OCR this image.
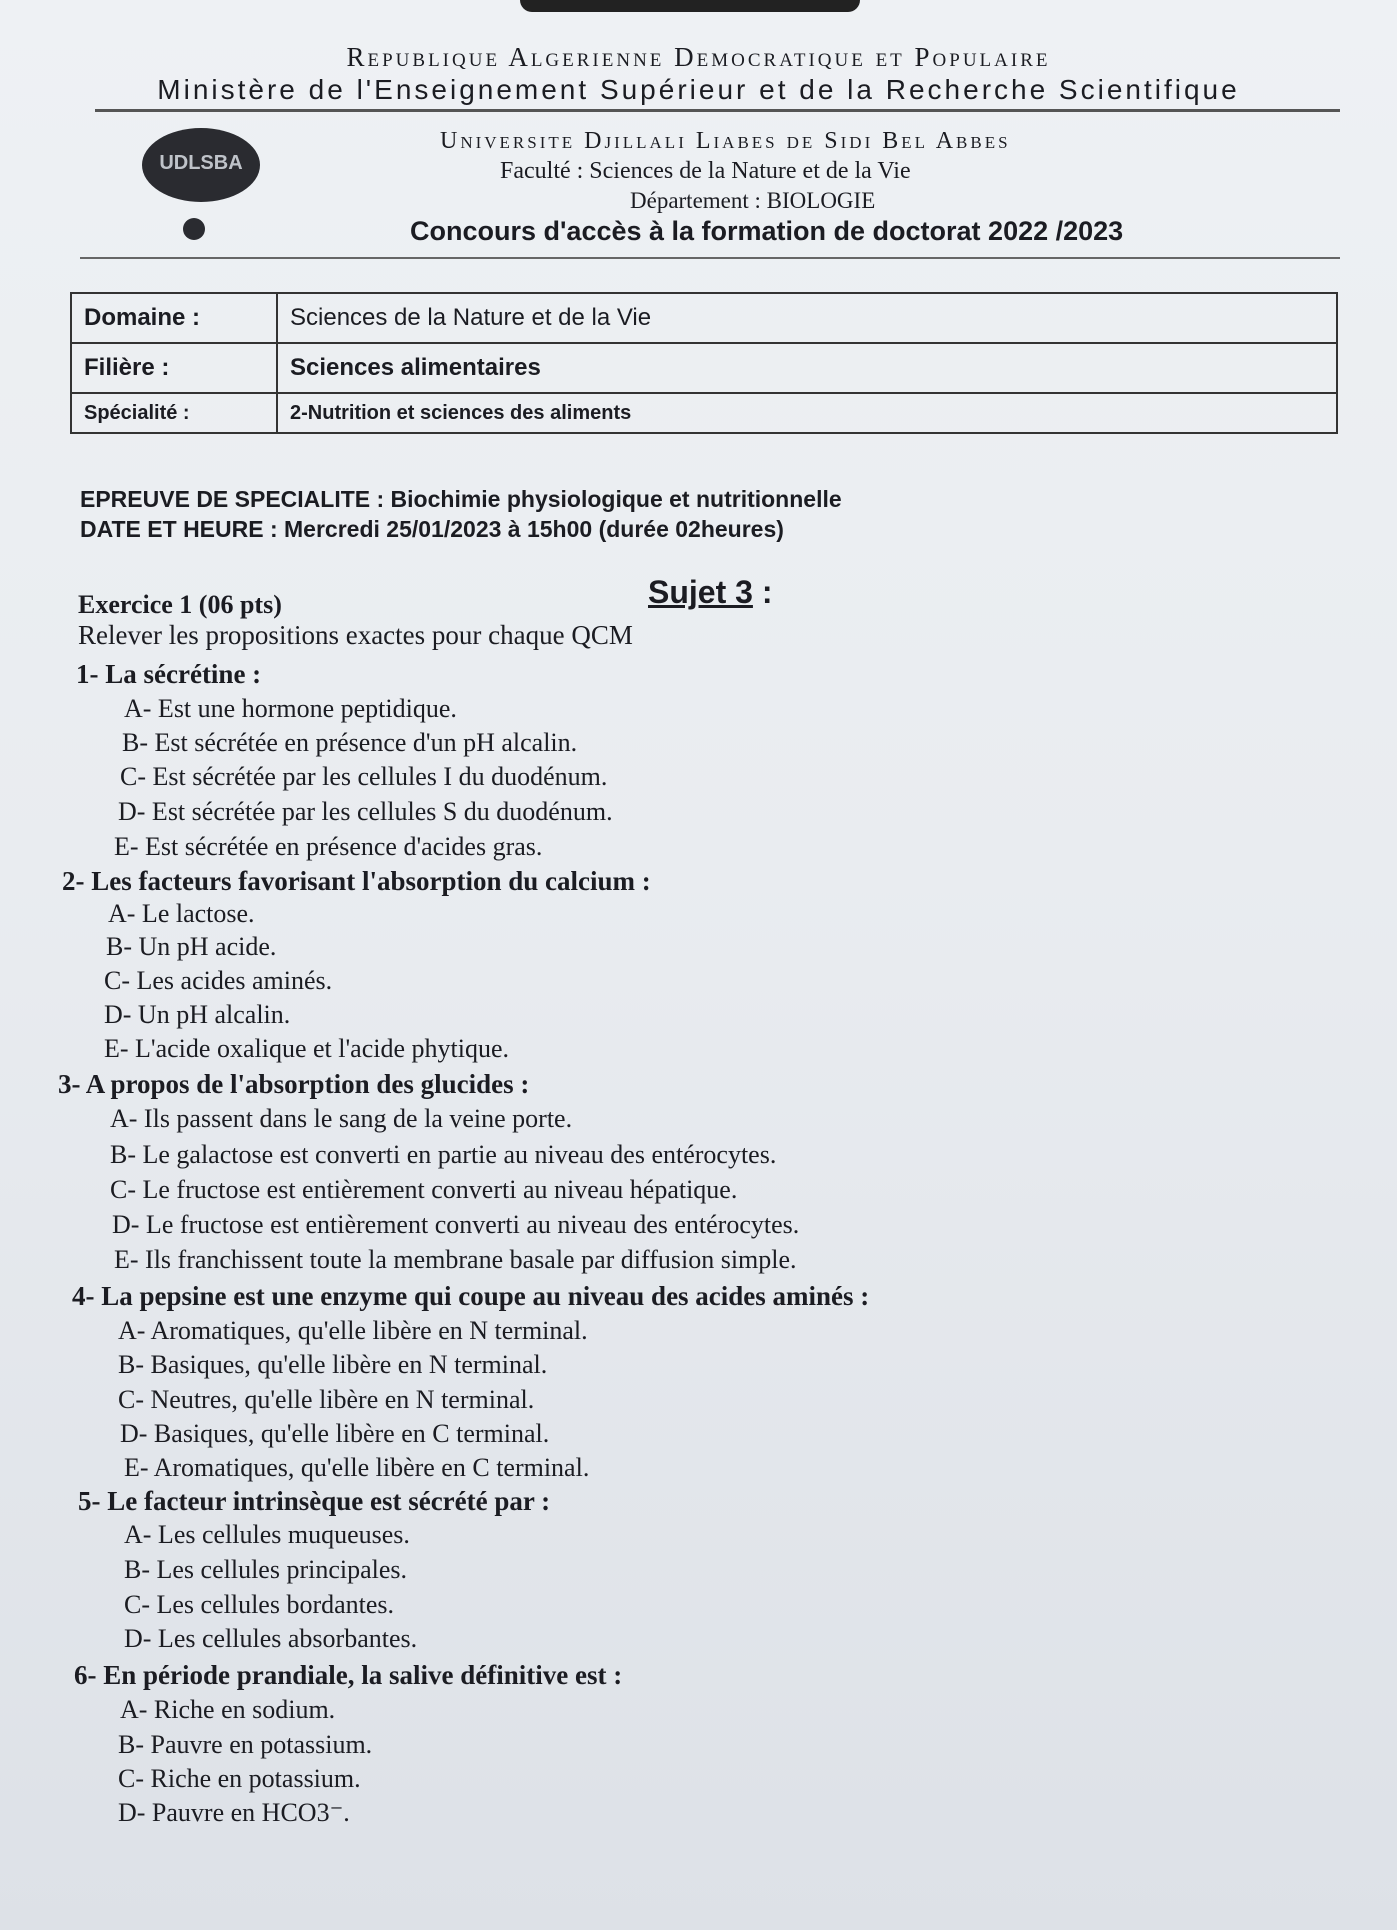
Republique Algerienne Democratique et Populaire
Ministère de l'Enseignement Supérieur et de la Recherche Scientifique
UDLSBA
Universite Djillali Liabes de Sidi Bel Abbes
Faculté : Sciences de la Nature et de la Vie
Département : BIOLOGIE
Concours d'accès à la formation de doctorat 2022 /2023
Domaine :	Sciences de la Nature et de la Vie
Filière :	Sciences alimentaires
Spécialité :	2-Nutrition et sciences des aliments
EPREUVE DE SPECIALITE : Biochimie physiologique et nutritionnelle
DATE ET HEURE : Mercredi 25/01/2023 à 15h00 (durée 02heures)
Sujet 3 :
Exercice 1 (06 pts)
Relever les propositions exactes pour chaque QCM
1- La sécrétine :
A- Est une hormone peptidique.
B- Est sécrétée en présence d'un pH alcalin.
C- Est sécrétée par les cellules I du duodénum.
D- Est sécrétée par les cellules S du duodénum.
E- Est sécrétée en présence d'acides gras.
2- Les facteurs favorisant l'absorption du calcium :
A- Le lactose.
B- Un pH acide.
C- Les acides aminés.
D- Un pH alcalin.
E- L'acide oxalique et l'acide phytique.
3- A propos de l'absorption des glucides :
A- Ils passent dans le sang de la veine porte.
B- Le galactose est converti en partie au niveau des entérocytes.
C- Le fructose est entièrement converti au niveau hépatique.
D- Le fructose est entièrement converti au niveau des entérocytes.
E- Ils franchissent toute la membrane basale par diffusion simple.
4- La pepsine est une enzyme qui coupe au niveau des acides aminés :
A- Aromatiques, qu'elle libère en N terminal.
B- Basiques, qu'elle libère en N terminal.
C- Neutres, qu'elle libère en N terminal.
D- Basiques, qu'elle libère en C terminal.
E- Aromatiques, qu'elle libère en C terminal.
5- Le facteur intrinsèque est sécrété par :
A- Les cellules muqueuses.
B- Les cellules principales.
C- Les cellules bordantes.
D- Les cellules absorbantes.
6- En période prandiale, la salive définitive est :
A- Riche en sodium.
B- Pauvre en potassium.
C- Riche en potassium.
D- Pauvre en HCO3⁻.
